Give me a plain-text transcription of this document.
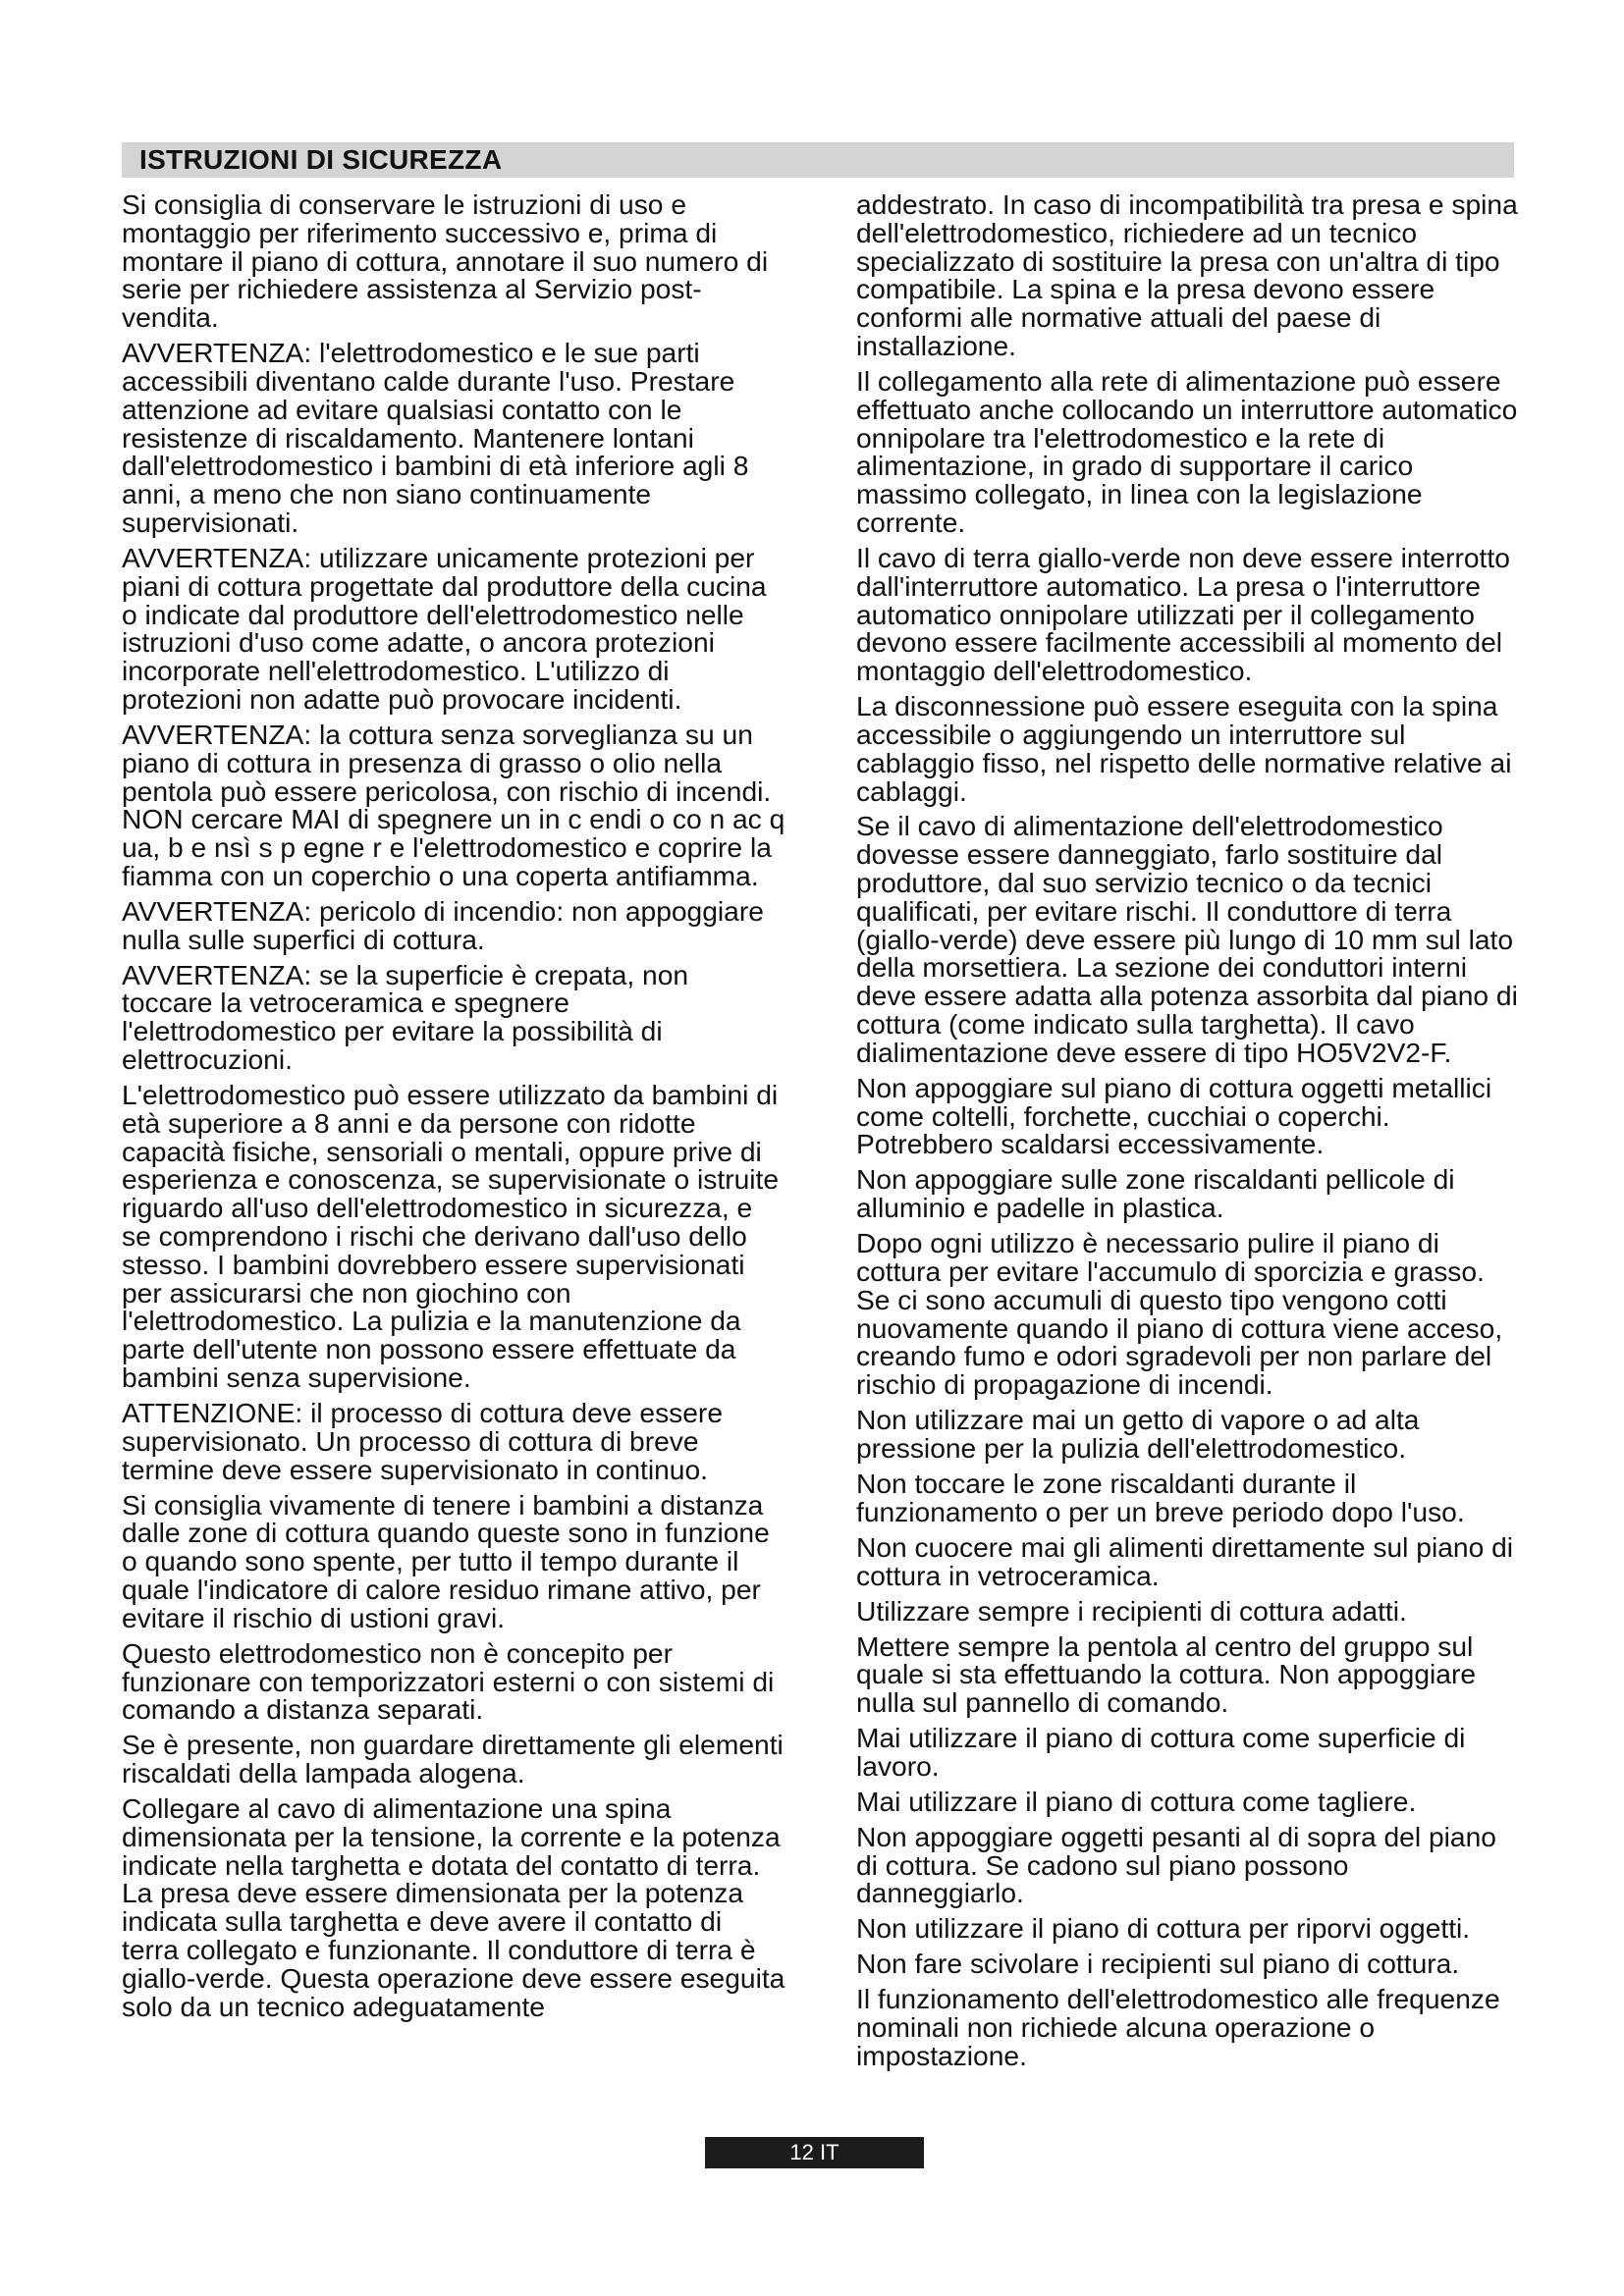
ISTRUZIONI DI SICUREZZA

Si consiglia di conservare le istruzioni di uso e montaggio per riferimento successivo e, prima di montare il piano di cottura, annotare il suo numero di serie per richiedere assistenza al Servizio post-vendita.

AVVERTENZA: l'elettrodomestico e le sue parti accessibili diventano calde durante l'uso. Prestare attenzione ad evitare qualsiasi contatto con le resistenze di riscaldamento. Mantenere lontani dall'elettrodomestico i bambini di età inferiore agli 8 anni, a meno che non siano continuamente supervisionati.

AVVERTENZA: utilizzare unicamente protezioni per piani di cottura progettate dal produttore della cucina o indicate dal produttore dell'elettrodomestico nelle istruzioni d'uso come adatte, o ancora protezioni incorporate nell'elettrodomestico. L'utilizzo di protezioni non adatte può provocare incidenti.

AVVERTENZA: la cottura senza sorveglianza su un piano di cottura in presenza di grasso o olio nella pentola può essere pericolosa, con rischio di incendi. NON cercare MAI di spegnere un in c endi o co n ac q ua, b e nsì s p egne r e l'elettrodomestico e coprire la fiamma con un coperchio o una coperta antifiamma.

AVVERTENZA: pericolo di incendio: non appoggiare nulla sulle superfici di cottura.

AVVERTENZA: se la superficie è crepata, non toccare la vetroceramica e spegnere l'elettrodomestico per evitare la possibilità di elettrocuzioni.

L'elettrodomestico può essere utilizzato da bambini di età superiore a 8 anni e da persone con ridotte capacità fisiche, sensoriali o mentali, oppure prive di esperienza e conoscenza, se supervisionate o istruite riguardo all'uso dell'elettrodomestico in sicurezza, e se comprendono i rischi che derivano dall'uso dello stesso. I bambini dovrebbero essere supervisionati per assicurarsi che non giochino con l'elettrodomestico. La pulizia e la manutenzione da parte dell'utente non possono essere effettuate da bambini senza supervisione.

ATTENZIONE: il processo di cottura deve essere supervisionato. Un processo di cottura di breve termine deve essere supervisionato in continuo.

Si consiglia vivamente di tenere i bambini a distanza dalle zone di cottura quando queste sono in funzione o quando sono spente, per tutto il tempo durante il quale l'indicatore di calore residuo rimane attivo, per evitare il rischio di ustioni gravi.

Questo elettrodomestico non è concepito per funzionare con temporizzatori esterni o con sistemi di comando a distanza separati.

Se è presente, non guardare direttamente gli elementi riscaldati della lampada alogena.

Collegare al cavo di alimentazione una spina dimensionata per la tensione, la corrente e la potenza indicate nella targhetta e dotata del contatto di terra. La presa deve essere dimensionata per la potenza indicata sulla targhetta e deve avere il contatto di terra collegato e funzionante. Il conduttore di terra è giallo-verde. Questa operazione deve essere eseguita solo da un tecnico adeguatamente

addestrato. In caso di incompatibilità tra presa e spina dell'elettrodomestico, richiedere ad un tecnico specializzato di sostituire la presa con un'altra di tipo compatibile. La spina e la presa devono essere conformi alle normative attuali del paese di installazione.

Il collegamento alla rete di alimentazione può essere effettuato anche collocando un interruttore automatico onnipolare tra l'elettrodomestico e la rete di alimentazione, in grado di supportare il carico massimo collegato, in linea con la legislazione corrente.

Il cavo di terra giallo-verde non deve essere interrotto dall'interruttore automatico. La presa o l'interruttore automatico onnipolare utilizzati per il collegamento devono essere facilmente accessibili al momento del montaggio dell'elettrodomestico.

La disconnessione può essere eseguita con la spina accessibile o aggiungendo un interruttore sul cablaggio fisso, nel rispetto delle normative relative ai cablaggi.

Se il cavo di alimentazione dell'elettrodomestico dovesse essere danneggiato, farlo sostituire dal produttore, dal suo servizio tecnico o da tecnici qualificati, per evitare rischi. Il conduttore di terra (giallo-verde) deve essere più lungo di 10 mm sul lato della morsettiera. La sezione dei conduttori interni deve essere adatta alla potenza assorbita dal piano di cottura (come indicato sulla targhetta). Il cavo dialimentazione deve essere di tipo HO5V2V2-F.

Non appoggiare sul piano di cottura oggetti metallici come coltelli, forchette, cucchiai o coperchi. Potrebbero scaldarsi eccessivamente.

Non appoggiare sulle zone riscaldanti pellicole di alluminio e padelle in plastica.

Dopo ogni utilizzo è necessario pulire il piano di cottura per evitare l'accumulo di sporcizia e grasso. Se ci sono accumuli di questo tipo vengono cotti nuovamente quando il piano di cottura viene acceso, creando fumo e odori sgradevoli per non parlare del rischio di propagazione di incendi.

Non utilizzare mai un getto di vapore o ad alta pressione per la pulizia dell'elettrodomestico.

Non toccare le zone riscaldanti durante il funzionamento o per un breve periodo dopo l'uso.

Non cuocere mai gli alimenti direttamente sul piano di cottura in vetroceramica.

Utilizzare sempre i recipienti di cottura adatti.

Mettere sempre la pentola al centro del gruppo sul quale si sta effettuando la cottura. Non appoggiare nulla sul pannello di comando.

Mai utilizzare il piano di cottura come superficie di lavoro.

Mai utilizzare il piano di cottura come tagliere.

Non appoggiare oggetti pesanti al di sopra del piano di cottura. Se cadono sul piano possono danneggiarlo.

Non utilizzare il piano di cottura per riporvi oggetti.

Non fare scivolare i recipienti sul piano di cottura.

Il funzionamento dell'elettrodomestico alle frequenze nominali non richiede alcuna operazione o impostazione.

12 IT
